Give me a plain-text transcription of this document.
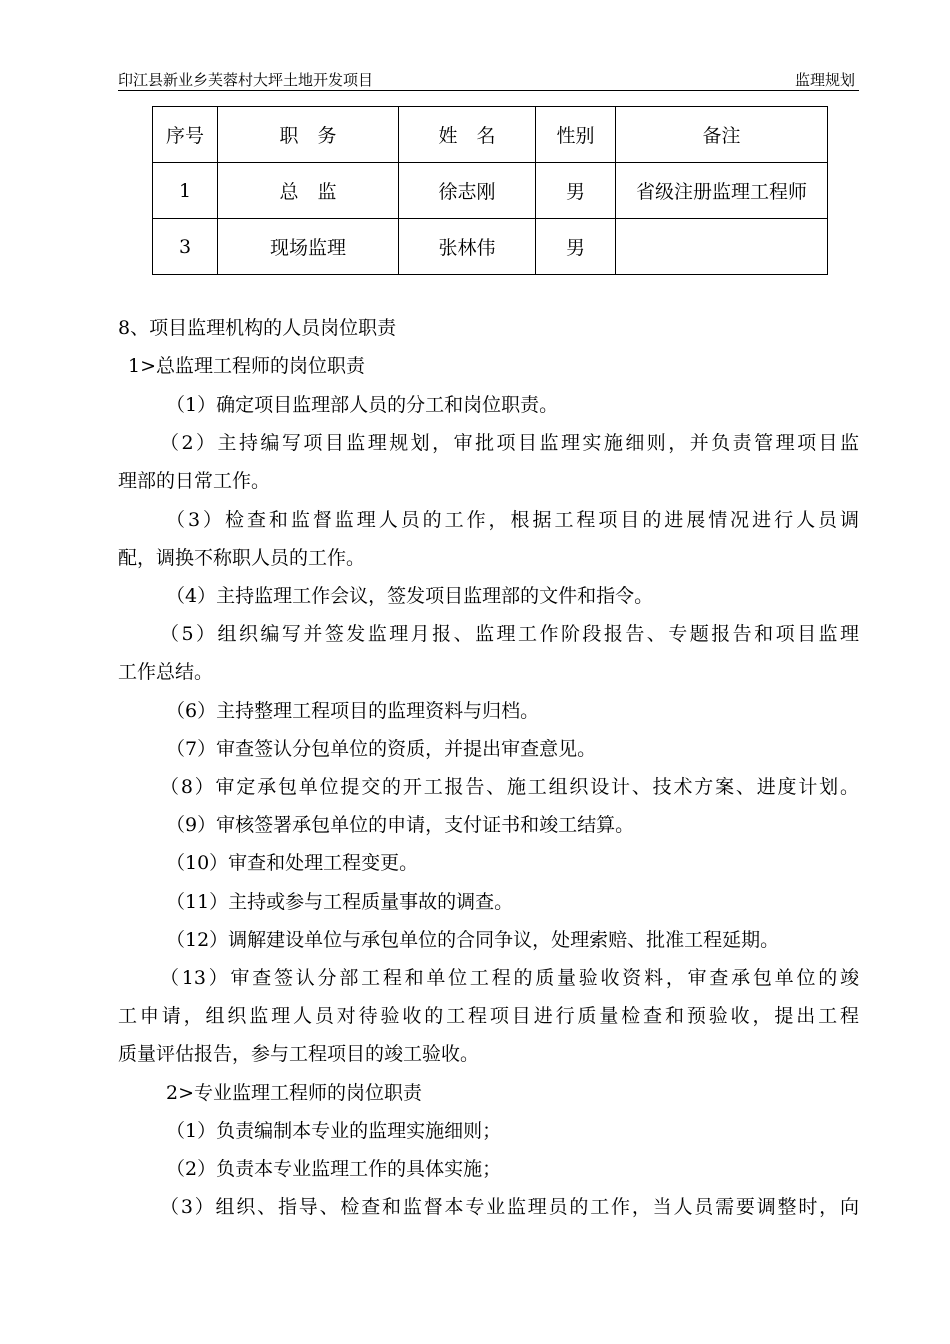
印江县新业乡芙蓉村大坪土地开发项目	监理规划
序号	职　务	姓　名	性别	备注
1	总　监	徐志刚	男	省级注册监理工程师
3	现场监理	张林伟	男	
8、项目监理机构的人员岗位职责
1>总监理工程师的岗位职责
（1）确定项目监理部人员的分工和岗位职责。
（2）主持编写项目监理规划，审批项目监理实施细则，并负责管理项目监
理部的日常工作。
（3）检查和监督监理人员的工作，根据工程项目的进展情况进行人员调
配，调换不称职人员的工作。
（4）主持监理工作会议，签发项目监理部的文件和指令。
（5）组织编写并签发监理月报、监理工作阶段报告、专题报告和项目监理
工作总结。
（6）主持整理工程项目的监理资料与归档。
（7）审查签认分包单位的资质，并提出审查意见。
（8）审定承包单位提交的开工报告、施工组织设计、技术方案、进度计划。
（9）审核签署承包单位的申请，支付证书和竣工结算。
（10）审查和处理工程变更。
（11）主持或参与工程质量事故的调查。
（12）调解建设单位与承包单位的合同争议，处理索赔、批准工程延期。
（13）审查签认分部工程和单位工程的质量验收资料，审查承包单位的竣
工申请，组织监理人员对待验收的工程项目进行质量检查和预验收，提出工程
质量评估报告，参与工程项目的竣工验收。
2>专业监理工程师的岗位职责
（1）负责编制本专业的监理实施细则；
（2）负责本专业监理工作的具体实施；
（3）组织、指导、检查和监督本专业监理员的工作，当人员需要调整时，向
